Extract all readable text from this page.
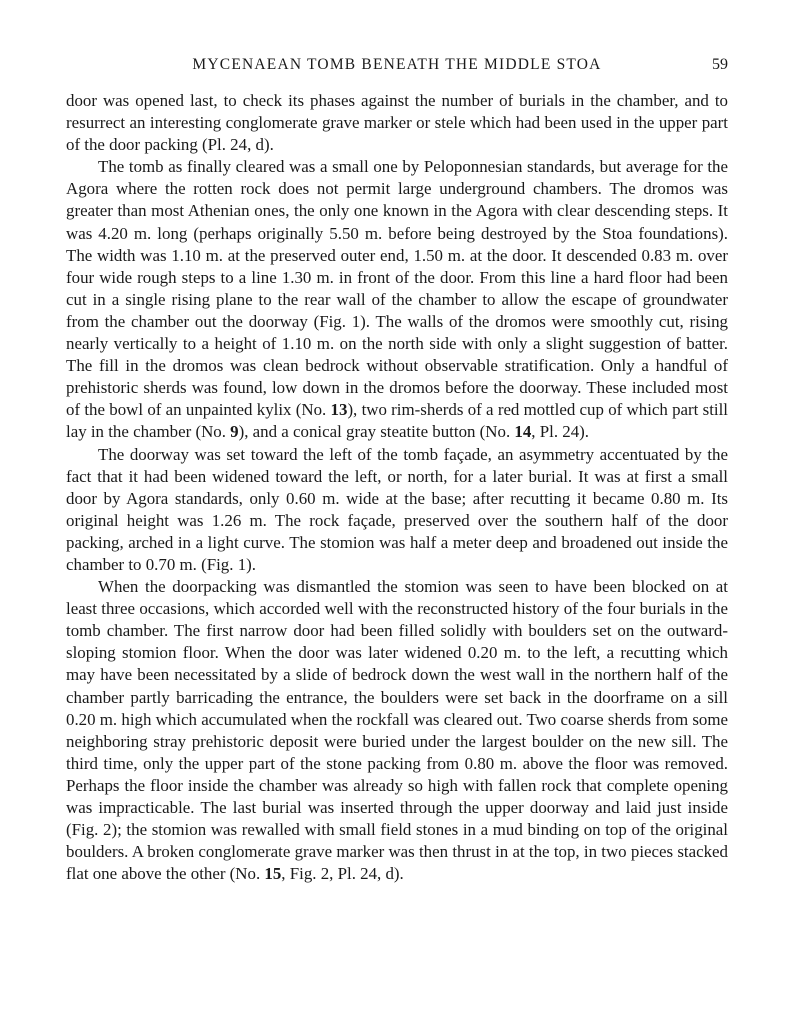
MYCENAEAN TOMB BENEATH THE MIDDLE STOA	59

door was opened last, to check its phases against the number of burials in the chamber, and to resurrect an interesting conglomerate grave marker or stele which had been used in the upper part of the door packing (Pl. 24, d).

The tomb as finally cleared was a small one by Peloponnesian standards, but average for the Agora where the rotten rock does not permit large underground chambers. The dromos was greater than most Athenian ones, the only one known in the Agora with clear descending steps. It was 4.20 m. long (perhaps originally 5.50 m. before being destroyed by the Stoa foundations). The width was 1.10 m. at the preserved outer end, 1.50 m. at the door. It descended 0.83 m. over four wide rough steps to a line 1.30 m. in front of the door. From this line a hard floor had been cut in a single rising plane to the rear wall of the chamber to allow the escape of groundwater from the chamber out the doorway (Fig. 1). The walls of the dromos were smoothly cut, rising nearly vertically to a height of 1.10 m. on the north side with only a slight suggestion of batter. The fill in the dromos was clean bedrock without observable stratification. Only a handful of prehistoric sherds was found, low down in the dromos before the doorway. These included most of the bowl of an unpainted kylix (No. 13), two rim-sherds of a red mottled cup of which part still lay in the chamber (No. 9), and a conical gray steatite button (No. 14, Pl. 24).

The doorway was set toward the left of the tomb façade, an asymmetry accentuated by the fact that it had been widened toward the left, or north, for a later burial. It was at first a small door by Agora standards, only 0.60 m. wide at the base; after recutting it became 0.80 m. Its original height was 1.26 m. The rock façade, preserved over the southern half of the door packing, arched in a light curve. The stomion was half a meter deep and broadened out inside the chamber to 0.70 m. (Fig. 1).

When the doorpacking was dismantled the stomion was seen to have been blocked on at least three occasions, which accorded well with the reconstructed history of the four burials in the tomb chamber. The first narrow door had been filled solidly with boulders set on the outward-sloping stomion floor. When the door was later widened 0.20 m. to the left, a recutting which may have been necessitated by a slide of bedrock down the west wall in the northern half of the chamber partly barricading the entrance, the boulders were set back in the doorframe on a sill 0.20 m. high which accumulated when the rockfall was cleared out. Two coarse sherds from some neighboring stray prehistoric deposit were buried under the largest boulder on the new sill. The third time, only the upper part of the stone packing from 0.80 m. above the floor was removed. Perhaps the floor inside the chamber was already so high with fallen rock that complete opening was impracticable. The last burial was inserted through the upper doorway and laid just inside (Fig. 2); the stomion was rewalled with small field stones in a mud binding on top of the original boulders. A broken conglomerate grave marker was then thrust in at the top, in two pieces stacked flat one above the other (No. 15, Fig. 2, Pl. 24, d).
